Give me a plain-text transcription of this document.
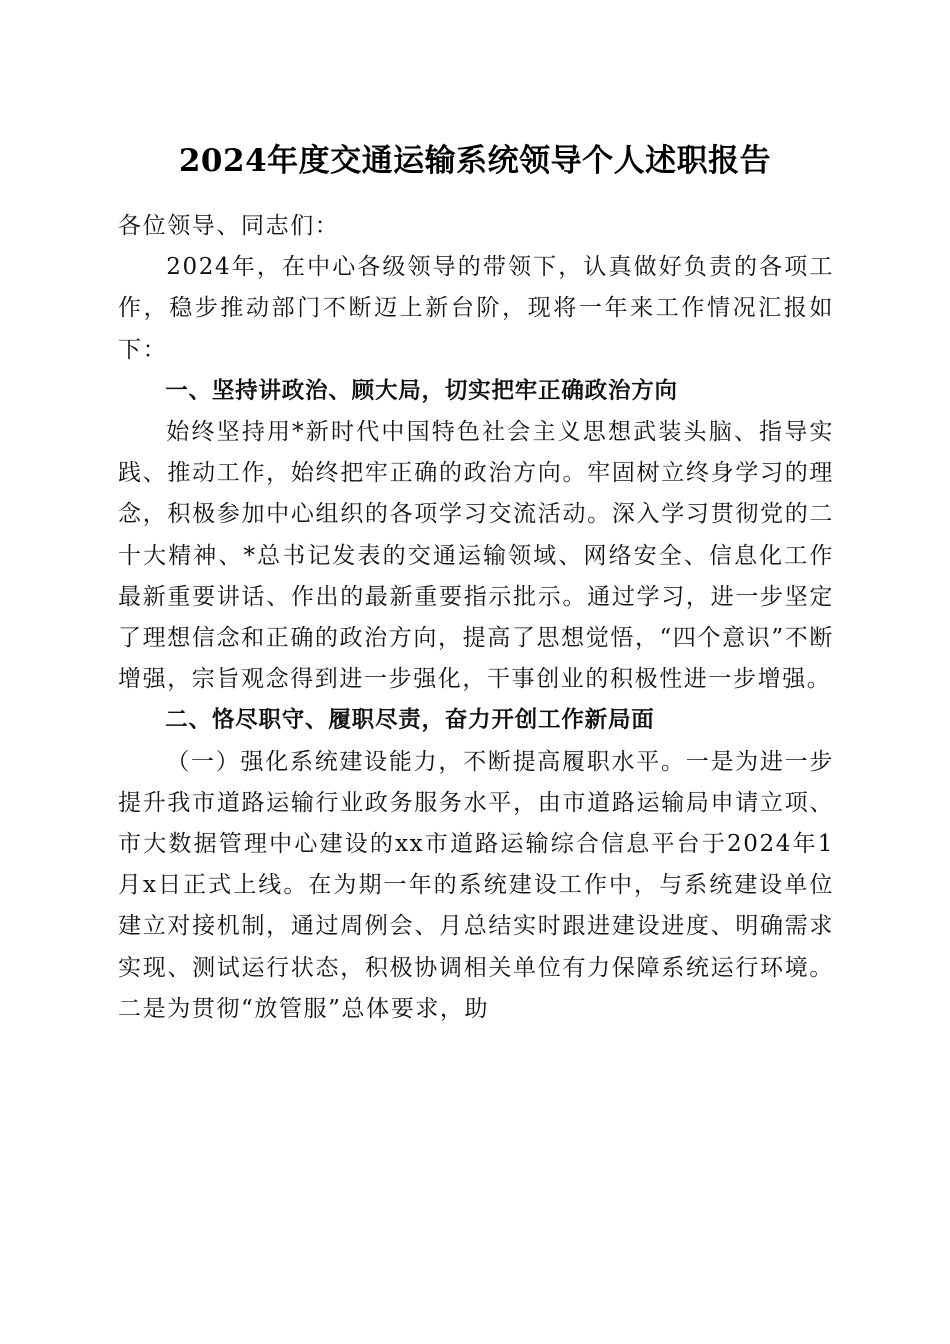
2024年度交通运输系统领导个人述职报告

各位领导、同志们：

2024年，在中心各级领导的带领下，认真做好负责的各项工作，稳步推动部门不断迈上新台阶，现将一年来工作情况汇报如下：

一、坚持讲政治、顾大局，切实把牢正确政治方向

始终坚持用*新时代中国特色社会主义思想武装头脑、指导实践、推动工作，始终把牢正确的政治方向。牢固树立终身学习的理念，积极参加中心组织的各项学习交流活动。深入学习贯彻党的二十大精神、*总书记发表的交通运输领域、网络安全、信息化工作最新重要讲话、作出的最新重要指示批示。通过学习，进一步坚定了理想信念和正确的政治方向，提高了思想觉悟，“四个意识”不断增强，宗旨观念得到进一步强化，干事创业的积极性进一步增强。

二、恪尽职守、履职尽责，奋力开创工作新局面

（一）强化系统建设能力，不断提高履职水平。一是为进一步提升我市道路运输行业政务服务水平，由市道路运输局申请立项、市大数据管理中心建设的xx市道路运输综合信息平台于2024年1月x日正式上线。在为期一年的系统建设工作中，与系统建设单位建立对接机制，通过周例会、月总结实时跟进建设进度、明确需求实现、测试运行状态，积极协调相关单位有力保障系统运行环境。二是为贯彻“放管服”总体要求，助
